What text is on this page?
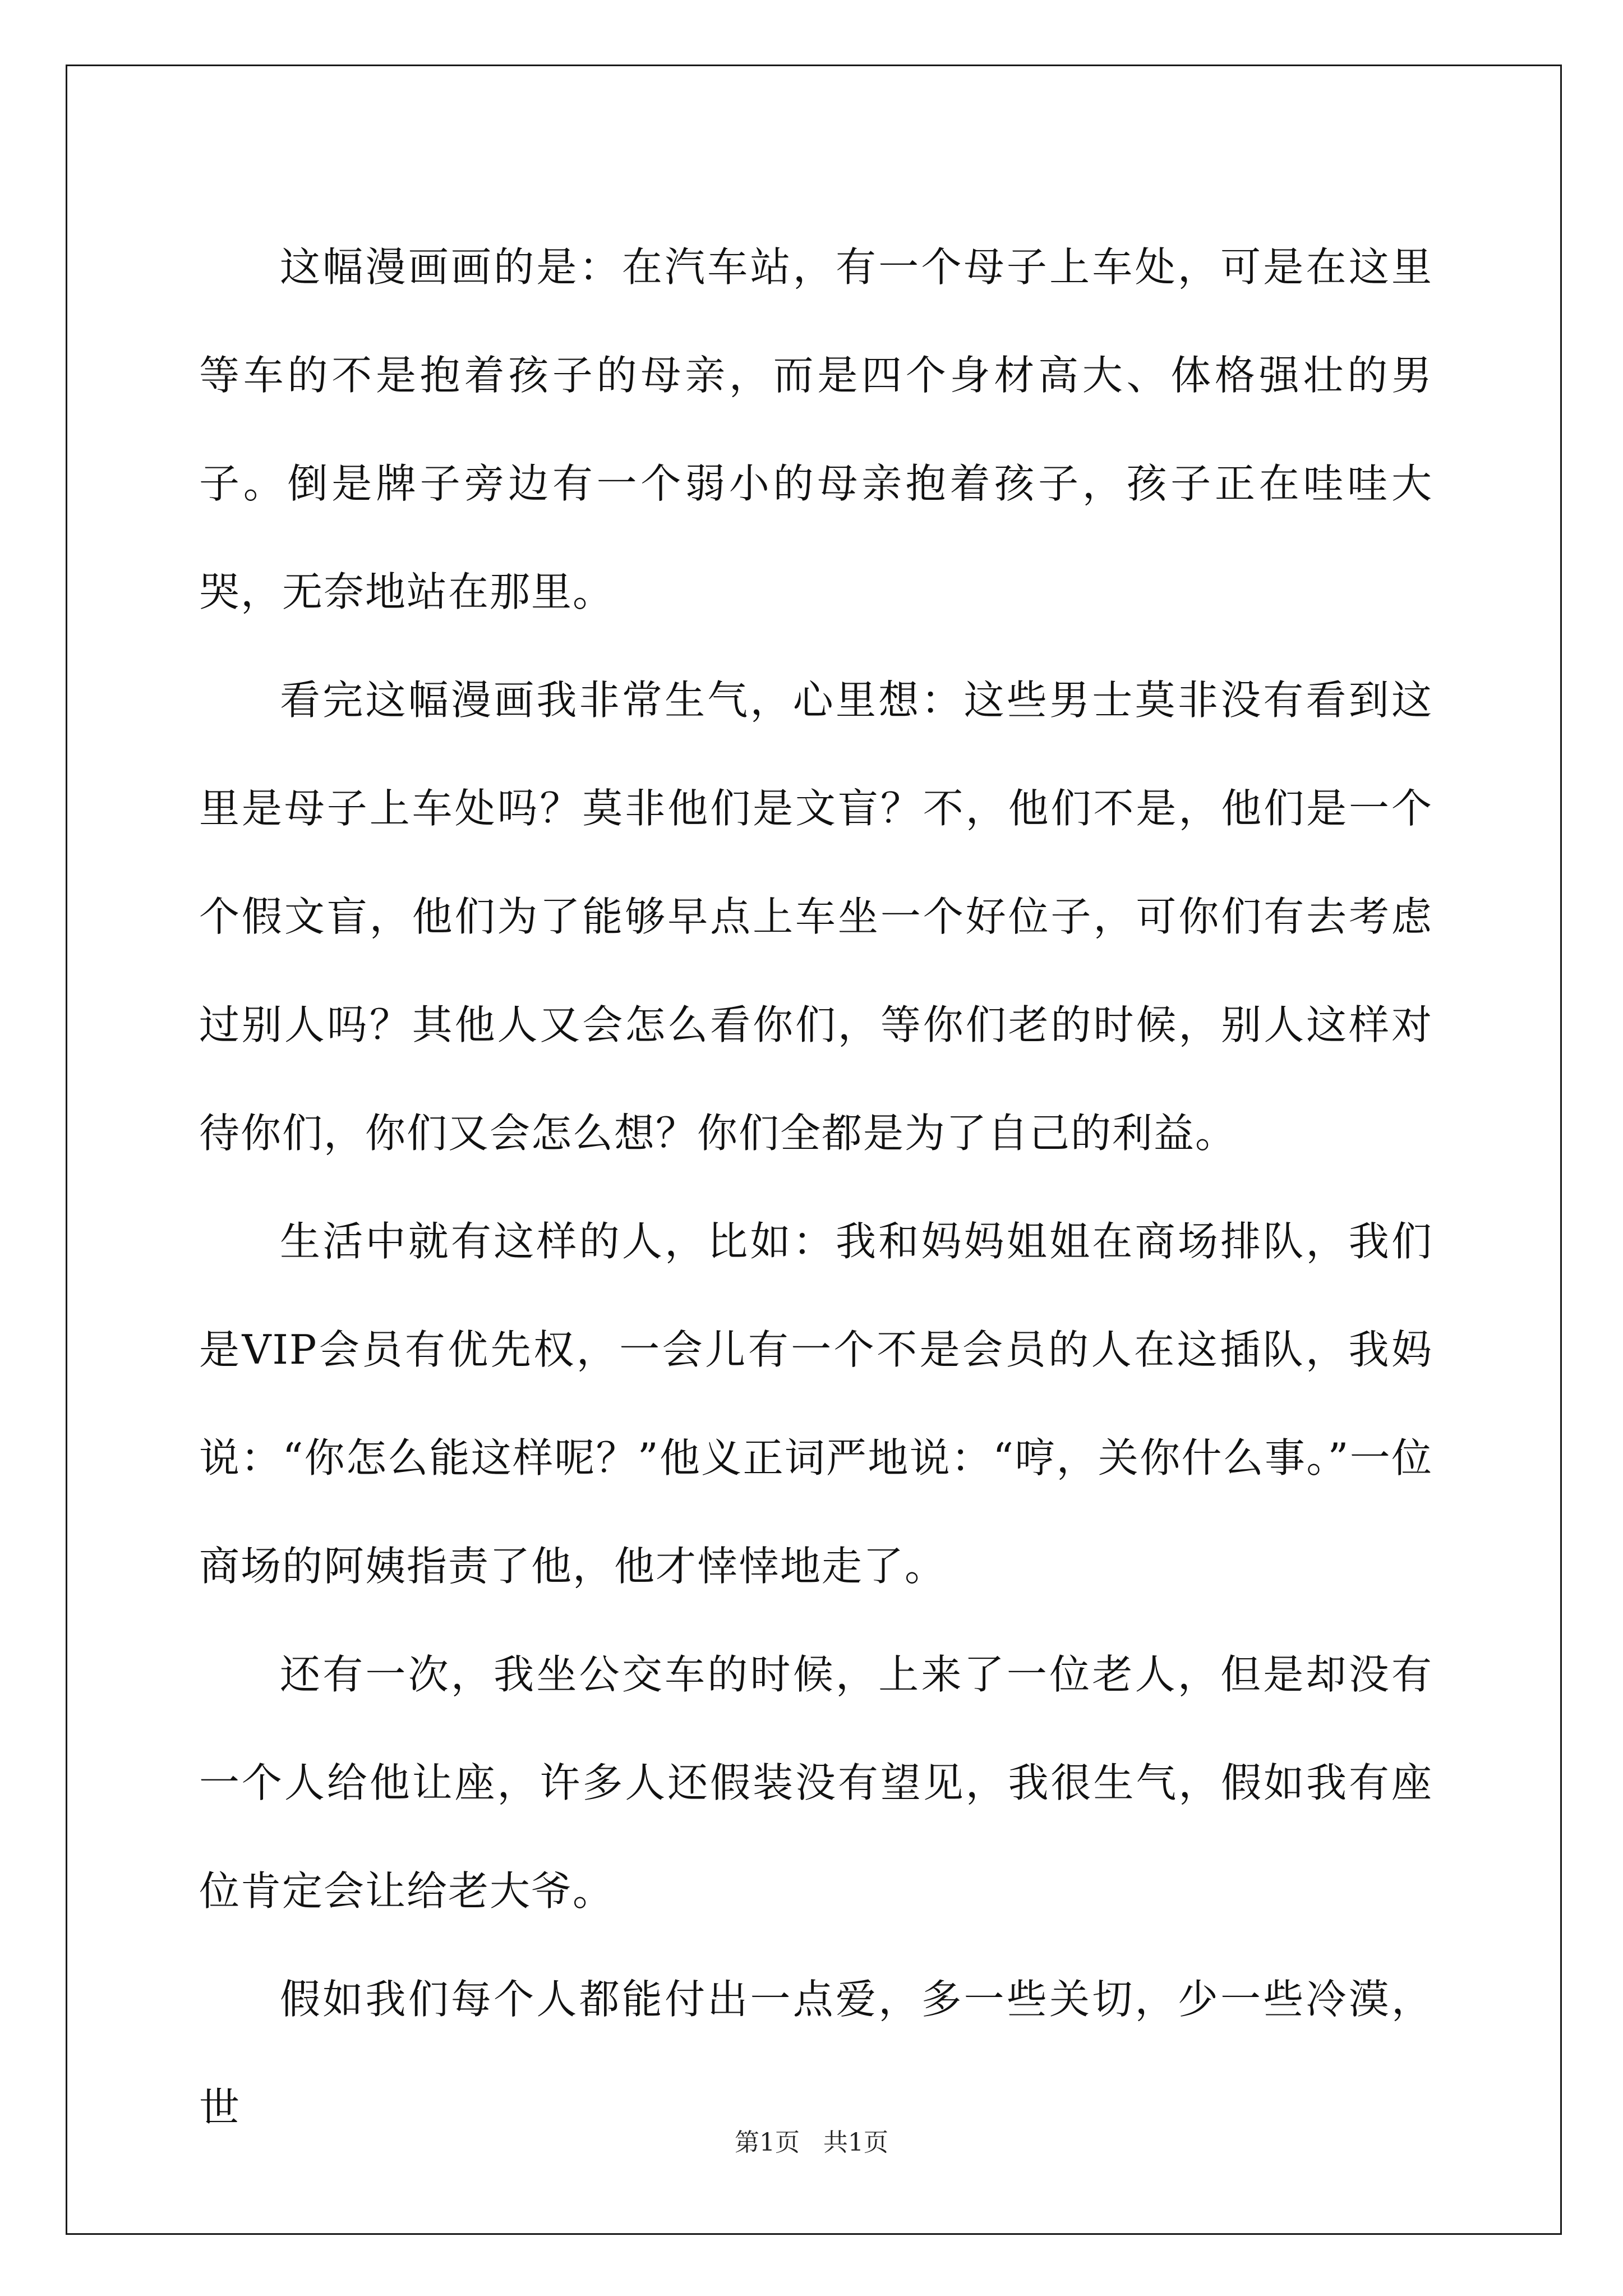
这幅漫画画的是：在汽车站，有一个母子上车处，可是在这里等车的不是抱着孩子的母亲，而是四个身材高大、体格强壮的男子。倒是牌子旁边有一个弱小的母亲抱着孩子，孩子正在哇哇大哭，无奈地站在那里。

看完这幅漫画我非常生气，心里想：这些男士莫非没有看到这里是母子上车处吗？莫非他们是文盲？不，他们不是，他们是一个个假文盲，他们为了能够早点上车坐一个好位子，可你们有去考虑过别人吗？其他人又会怎么看你们，等你们老的时候，别人这样对待你们，你们又会怎么想？你们全都是为了自己的利益。

生活中就有这样的人，比如：我和妈妈姐姐在商场排队，我们是VIP会员有优先权，一会儿有一个不是会员的人在这插队，我妈说：“你怎么能这样呢？”他义正词严地说：“哼，关你什么事。”一位商场的阿姨指责了他，他才悻悻地走了。

还有一次，我坐公交车的时候，上来了一位老人，但是却没有一个人给他让座，许多人还假装没有望见，我很生气，假如我有座位肯定会让给老大爷。

假如我们每个人都能付出一点爱，多一些关切，少一些冷漠，世

第1页   共1页
